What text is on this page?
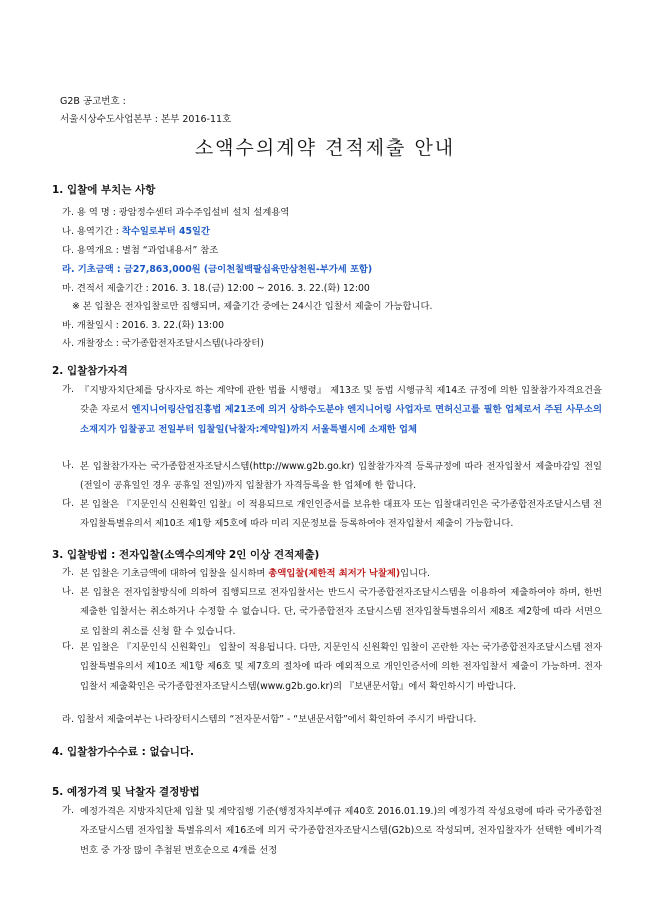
G2B 공고번호 :
서울시상수도사업본부 : 본부 2016-11호
소액수의계약 견적제출 안내
1. 입찰에 부치는 사항
가. 용 역 명 : 광암정수센터 과수주입설비 설치 설계용역
나. 용역기간 : 착수일로부터 45일간
다. 용역개요 : 별첨 “과업내용서” 참조
라. 기초금액 : 금27,863,000원 (금이천칠백팔십육만삼천원-부가세 포함)
마. 견적서 제출기간 : 2016. 3. 18.(금) 12:00 ~ 2016. 3. 22.(화) 12:00
※ 본 입찰은 전자입찰로만 집행되며, 제출기간 중에는 24시간 입찰서 제출이 가능합니다.
바. 개찰일시 : 2016. 3. 22.(화) 13:00
사. 개찰장소 : 국가종합전자조달시스템(나라장터)
2. 입찰참가자격
가. 『지방자치단체를 당사자로 하는 계약에 관한 법률 시행령』 제13조 및 동법 시행규칙 제14조 규정에 의한 입찰참가자격요건을 갖춘 자로서 엔지니어링산업진흥법 제21조에 의거 상하수도분야 엔지니어링 사업자로 면허신고를 필한 업체로서 주된 사무소의 소재지가 입찰공고 전일부터 입찰일(낙찰자:계약일)까지 서울특별시에 소재한 업체
나. 본 입찰참가자는 국가종합전자조달시스템(http://www.g2b.go.kr) 입찰참가자격 등록규정에 따라 전자입찰서 제출마감일 전일(전일이 공휴일인 경우 공휴일 전일)까지 입찰참가 자격등록을 한 업체에 한 합니다.
다. 본 입찰은 『지문인식 신원확인 입찰』이 적용되므로 개인인증서를 보유한 대표자 또는 입찰대리인은 국가종합전자조달시스템 전자입찰특별유의서 제10조 제1항 제5호에 따라 미리 지문정보를 등록하여야 전자입찰서 제출이 가능합니다.
3. 입찰방법 : 전자입찰(소액수의계약 2인 이상 견적제출)
가. 본 입찰은 기초금액에 대하여 입찰을 실시하며 총액입찰(제한적 최저가 낙찰제)입니다.
나. 본 입찰은 전자입찰방식에 의하여 집행되므로 전자입찰서는 반드시 국가종합전자조달시스템을 이용하여 제출하여야 하며, 한번 제출한 입찰서는 취소하거나 수정할 수 없습니다. 단, 국가종합전자 조달시스템 전자입찰특별유의서 제8조 제2항에 따라 서면으로 입찰의 취소를 신청 할 수 있습니다.
다. 본 입찰은 『지문인식 신원확인』 입찰이 적용됩니다. 다만, 지문인식 신원확인 입찰이 곤란한 자는 국가종합전자조달시스템 전자입찰특별유의서 제10조 제1항 제6호 및 제7호의 절차에 따라 예외적으로 개인인증서에 의한 전자입찰서 제출이 가능하며. 전자입찰서 제출확인은 국가종합전자조달시스템(www.g2b.go.kr)의 『보낸문서함』에서 확인하시기 바랍니다.
라. 입찰서 제출여부는 나라장터시스템의 “전자문서함” - “보낸문서함”에서 확인하여 주시기 바랍니다.
4. 입찰참가수수료 : 없습니다.
5. 예정가격 및 낙찰자 결정방법
가. 예정가격은 지방자치단체 입찰 및 계약집행 기준(행정자치부예규 제40호 2016.01.19.)의 예정가격 작성요령에 따라 국가종합전자조달시스템 전자입찰 특별유의서 제16조에 의거 국가종합전자조달시스템(G2b)으로 작성되며, 전자입찰자가 선택한 예비가격 번호 중 가장 많이 추첨된 번호순으로 4개를 선정
